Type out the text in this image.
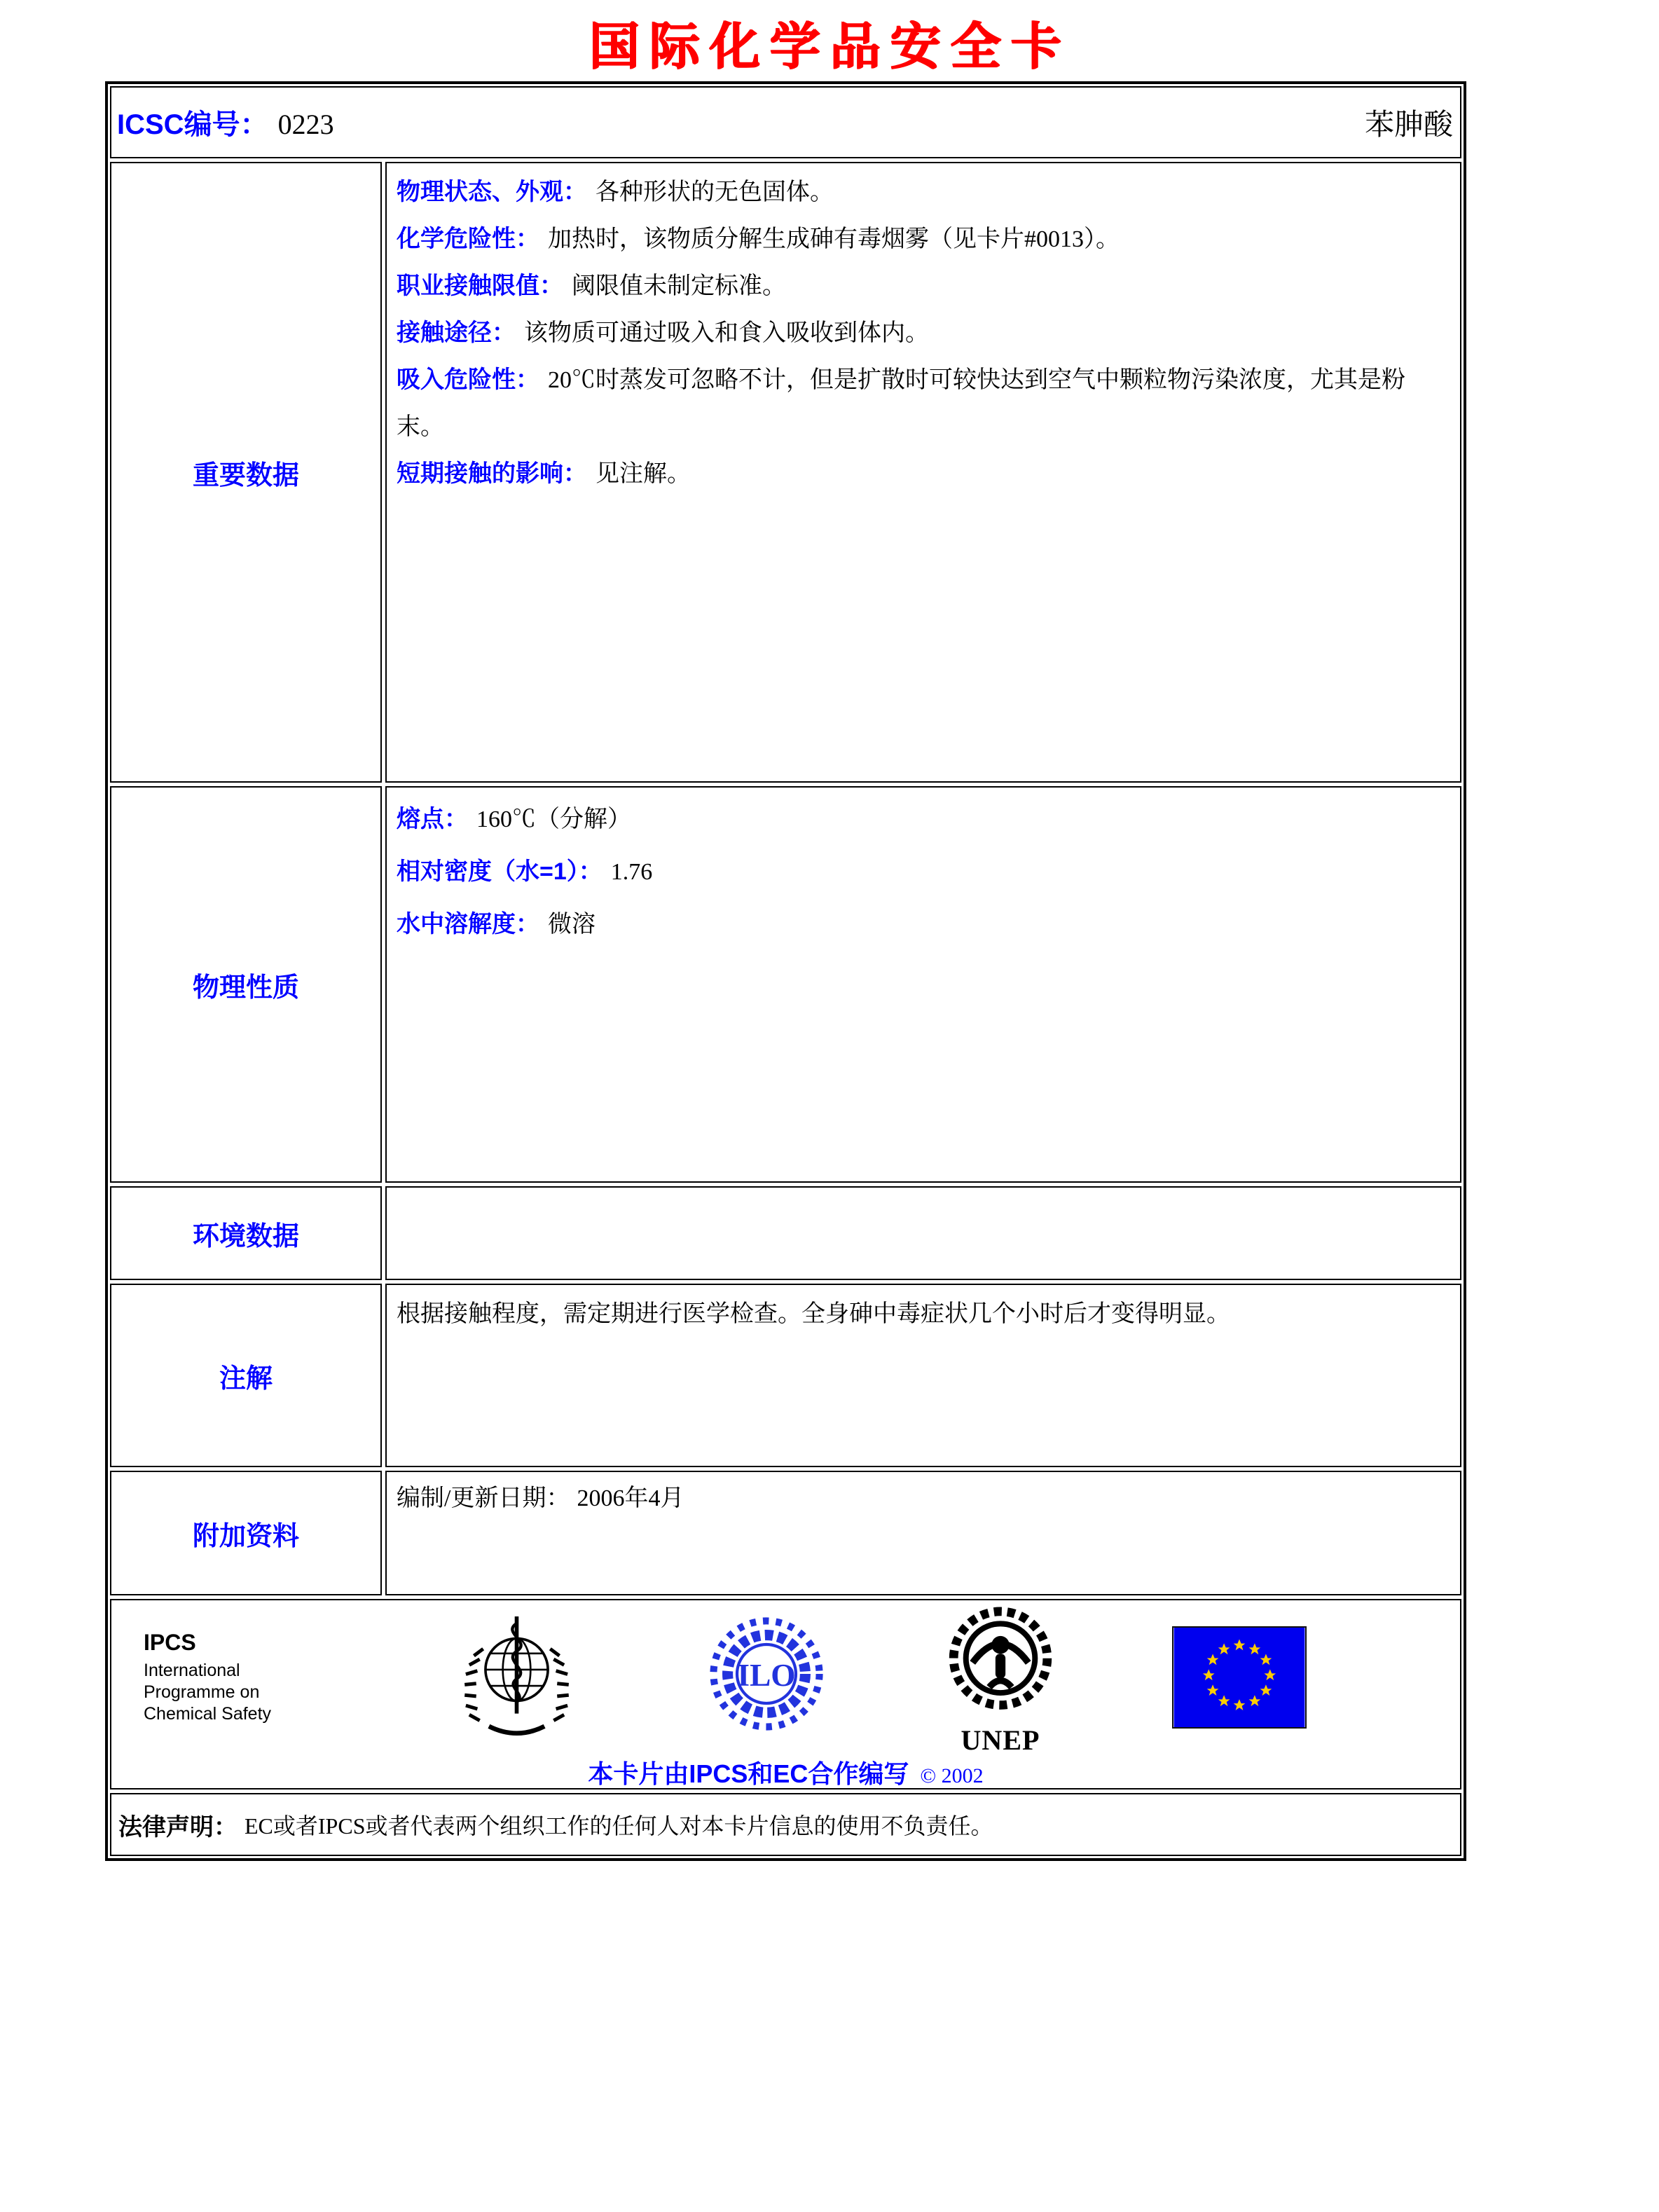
国际化学品安全卡
ICSC编号： 0223	苯胂酸
重要数据
物理状态、外观： 各种形状的无色固体。
化学危险性： 加热时，该物质分解生成砷有毒烟雾（见卡片#0013）。
职业接触限值： 阈限值未制定标准。
接触途径： 该物质可通过吸入和食入吸收到体内。
吸入危险性： 20℃时蒸发可忽略不计，但是扩散时可较快达到空气中颗粒物污染浓度，尤其是粉末。
短期接触的影响： 见注解。
物理性质
熔点： 160℃（分解）
相对密度（水=1）： 1.76
水中溶解度： 微溶
环境数据
注解
根据接触程度，需定期进行医学检查。全身砷中毒症状几个小时后才变得明显。
附加资料
编制/更新日期： 2006年4月
IPCS
International
Programme on
Chemical Safety
ILO
UNEP
本卡片由IPCS和EC合作编写 © 2002
法律声明： EC或者IPCS或者代表两个组织工作的任何人对本卡片信息的使用不负责任。
